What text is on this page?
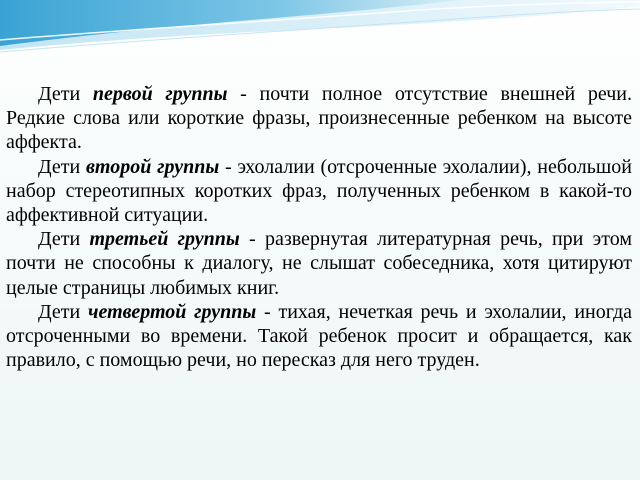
Дети первой группы - почти полное отсутствие внешней речи. Редкие слова или короткие фразы, произнесенные ребенком на высоте аффекта.

Дети второй группы - эхолалии (отсроченные эхолалии), небольшой набор стереотипных коротких фраз, полученных ребенком в какой-то аффективной ситуации.

Дети третьей группы - развернутая литературная речь, при этом почти не способны к диалогу, не слышат собеседника, хотя цитируют целые страницы любимых книг.

Дети четвертой группы - тихая, нечеткая речь и эхолалии, иногда отсроченными во времени. Такой ребенок просит и обращается, как правило, с помощью речи, но пересказ для него труден.
